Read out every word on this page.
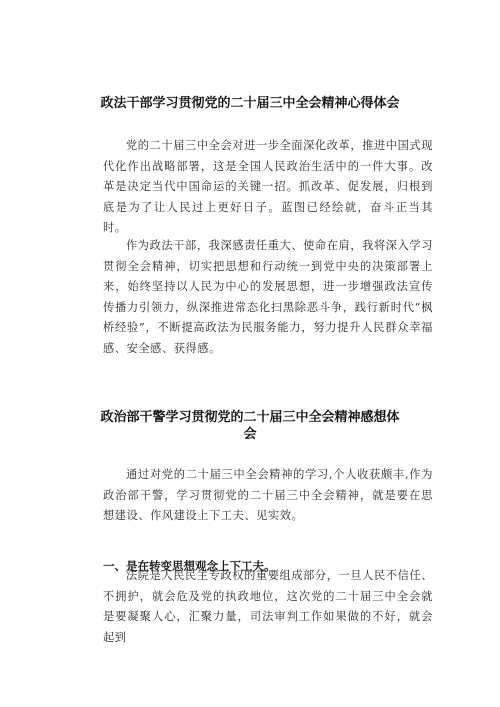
政法干部学习贯彻党的二十届三中全会精神心得体会

党的二十届三中全会对进一步全面深化改革，推进中国式现代化作出战略部署，这是全国人民政治生活中的一件大事。改革是决定当代中国命运的关键一招。抓改革、促发展，归根到底是为了让人民过上更好日子。蓝图已经绘就，奋斗正当其时。

作为政法干部，我深感责任重大、使命在肩，我将深入学习贯彻全会精神，切实把思想和行动统一到党中央的决策部署上来，始终坚持以人民为中心的发展思想，进一步增强政法宣传传播力引领力，纵深推进常态化扫黑除恶斗争，践行新时代“枫桥经验”，不断提高政法为民服务能力，努力提升人民群众幸福感、安全感、获得感。

政治部干警学习贯彻党的二十届三中全会精神感想体会

通过对党的二十届三中全会精神的学习,个人收获颇丰,作为政治部干警，学习贯彻党的二十届三中全会精神，就是要在思想建设、作风建设上下工夫、见实效。

一、是在转变思想观念上下工夫。

法院是人民民主专政权的重要组成部分，一旦人民不信任、不拥护，就会危及党的执政地位，这次党的二十届三中全会就是要凝聚人心，汇聚力量，司法审判工作如果做的不好，就会起到
